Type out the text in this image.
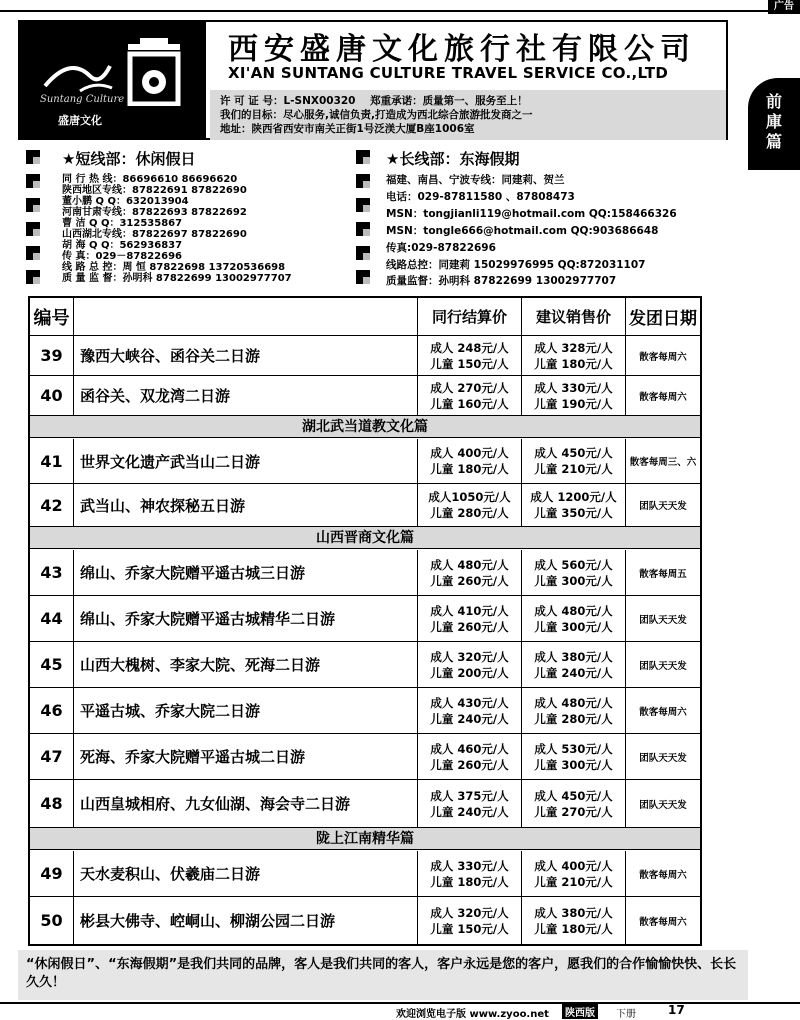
广告
Suntang Culture
盛唐文化
西安盛唐文化旅行社有限公司
XI'AN SUNTANG CULTURE TRAVEL SERVICE CO.,LTD
许 可 证 号：L-SNX00320 郑重承诺：质量第一、服务至上！
我们的目标：尽心服务,诚信负责,打造成为西北综合旅游批发商之一
地址：陕西省西安市南关正街1号泛渼大厦B座1006室
前
庫
篇
★短线部：休闲假日
同 行 热 线：86696610 86696620
陕西地区专线：87822691 87822690
董小鹏 Q Q：632013904
河南甘肃专线：87822693 87822692
曹 洁 Q Q：312535867
山西湖北专线：87822697 87822690
胡 海 Q Q：562936837
传 真：029－87822696
线 路 总 控：周 恒 87822698 13720536698
质 量 监 督：孙明科 87822699 13002977707
★长线部：东海假期
福建、南昌、宁波专线：同建莉、贺兰
电话：029-87811580 、87808473
MSN：tongjianli119@hotmail.com QQ:158466326
MSN：tongle666@hotmail.com QQ:903686648
传真:029-87822696
线路总控：同建莉 15029976995 QQ:872031107
质量监督：孙明科 87822699 13002977707
编号	同行结算价	建议销售价	发团日期
39	豫西大峡谷、函谷关二日游	成人 248元/人
儿童 150元/人
成人 328元/人
儿童 180元/人	散客每周六
40	函谷关、双龙湾二日游	成人 270元/人
儿童 160元/人
成人 330元/人
儿童 190元/人	散客每周六
湖北武当道教文化篇
41	世界文化遗产武当山二日游	成人 400元/人
儿童 180元/人
成人 450元/人
儿童 210元/人	散客每周三、六
42	武当山、神农探秘五日游	成人1050元/人
儿童 280元/人
成人 1200元/人
儿童 350元/人	团队天天发
山西晋商文化篇
43	绵山、乔家大院赠平遥古城三日游	成人 480元/人
儿童 260元/人
成人 560元/人
儿童 300元/人	散客每周五
44	绵山、乔家大院赠平遥古城精华二日游	成人 410元/人
儿童 260元/人
成人 480元/人
儿童 300元/人	团队天天发
45	山西大槐树、李家大院、死海二日游	成人 320元/人
儿童 200元/人
成人 380元/人
儿童 240元/人	团队天天发
46	平遥古城、乔家大院二日游	成人 430元/人
儿童 240元/人
成人 480元/人
儿童 280元/人	散客每周六
47	死海、乔家大院赠平遥古城二日游	成人 460元/人
儿童 260元/人
成人 530元/人
儿童 300元/人	团队天天发
48	山西皇城相府、九女仙湖、海会寺二日游	成人 375元/人
儿童 240元/人
成人 450元/人
儿童 270元/人	团队天天发
陇上江南精华篇
49	天水麦积山、伏羲庙二日游	成人 330元/人
儿童 180元/人
成人 400元/人
儿童 210元/人	散客每周六
50	彬县大佛寺、崆峒山、柳湖公园二日游	成人 320元/人
儿童 150元/人
成人 380元/人
儿童 180元/人	散客每周六
“休闲假日”、“东海假期”是我们共同的品牌，客人是我们共同的客人，客户永远是您的客户，愿我们的合作愉愉快快、长长久久！
欢迎浏览电子版 www.zyoo.net	陕西版	下册	17
